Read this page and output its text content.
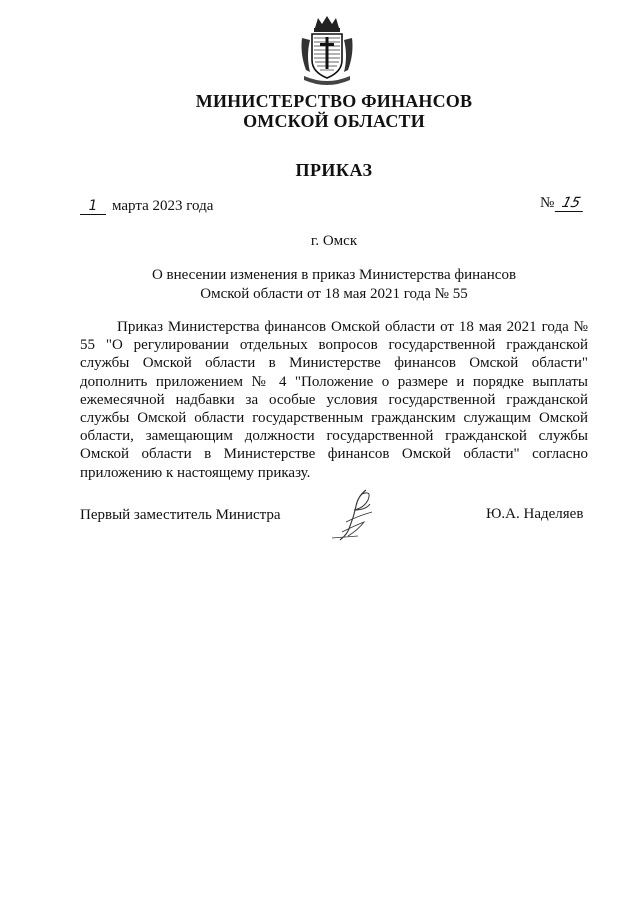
МИНИСТЕРСТВО ФИНАНСОВ
ОМСКОЙ ОБЛАСТИ
ПРИКАЗ
1 марта 2023 года	№ 15
г. Омск
О внесении изменения в приказ Министерства финансов
Омской области от 18 мая 2021 года № 55

Приказ Министерства финансов Омской области от 18 мая 2021 года № 55 "О регулировании отдельных вопросов государственной гражданской службы Омской области в Министерстве финансов Омской области" дополнить приложением № 4 "Положение о размере и порядке выплаты ежемесячной надбавки за особые условия государственной гражданской службы Омской области государственным гражданским служащим Омской области, замещающим должности государственной гражданской службы Омской области в Министерстве финансов Омской области" согласно приложению к настоящему приказу.

Первый заместитель Министра	Ю.А. Наделяев
